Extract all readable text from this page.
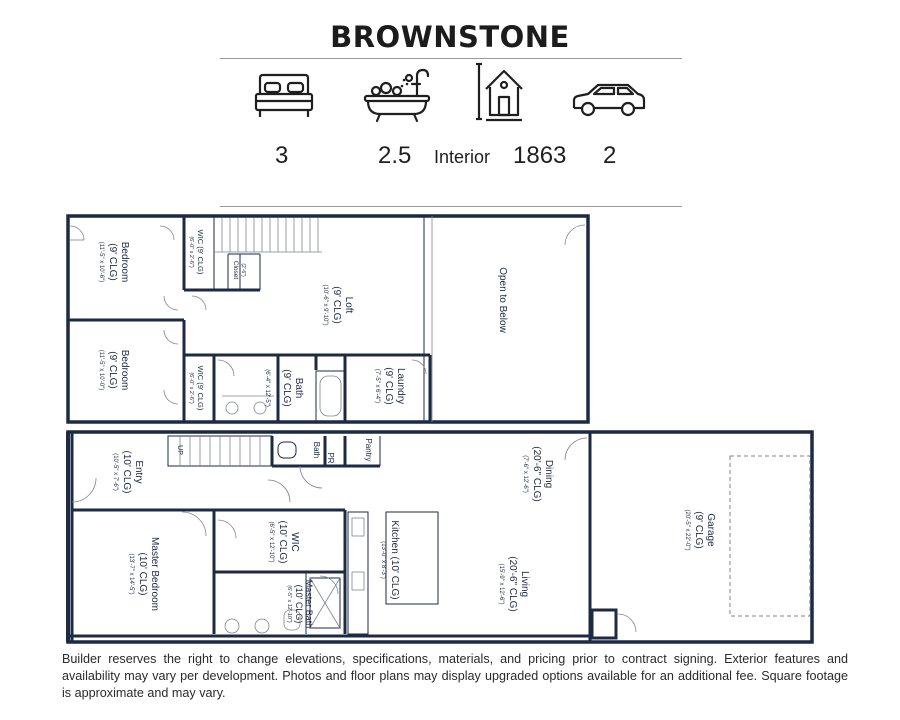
BROWNSTONE
3	2.5 Interior 1863 2
Bedroom
(9' CLG)
(11'-5" x 10'-6")
Bedroom
(9' CLG)
(11'-5" x 10'-0")
WIC (9' CLG)
(6'-0" x 2'-6")
WIC (9' CLG)
(6'-0" x 2'-6")
Closet (2'-6")
Loft
(9' CLG)
(10'-6" x 9'-10")	Open to Below
Bath
(9' CLG)
(6'-4" x 12'-5")	Laundry
(9' CLG)
(7'-5" x 6'-4")
Entry
(10' CLG)
(10'-5" x 7'-6")
UP	Bath PR	Pantry
Dining
(20'-6" CLG)
(7'-6" x 12'-6")
Garage
(9' CLG)
(20'-5" x 22'-0")
WIC
(10' CLG)
(6'-5" x 12'-10")	Kitchen (10' CLG)
(13'-0" x 8'-3")
Master Bedroom
(10' CLG)
(13'-7" x 14'-5")
Master Bath
(10' CLG)
(6'-5" x 12'-10")
Living
(20'-6" CLG)
(15'-9" x 12'-6")
Builder reserves the right to change elevations, specifications, materials, and pricing prior to contract signing. Exterior features and availability may vary per development. Photos and floor plans may display upgraded options available for an additional fee. Square footage is approximate and may vary.
